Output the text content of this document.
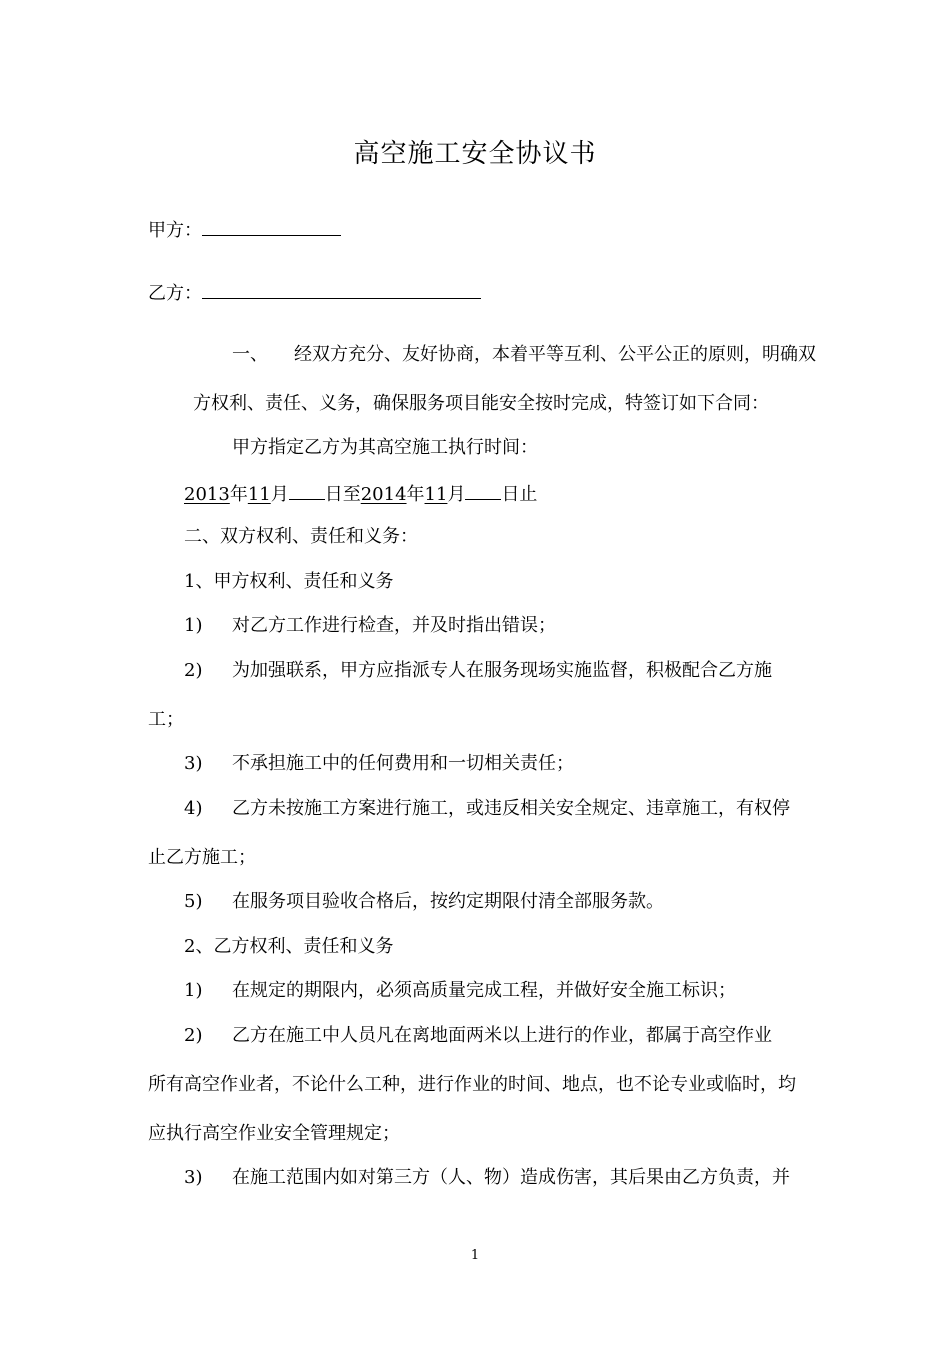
高空施工安全协议书
甲方：
乙方：
一、 经双方充分、友好协商，本着平等互利、公平公正的原则，明确双
方权利、责任、义务，确保服务项目能安全按时完成，特签订如下合同：
甲方指定乙方为其高空施工执行时间：
2013年11月 日至2014年11月 日止
二、双方权利、责任和义务：
1、甲方权利、责任和义务
1) 对乙方工作进行检查，并及时指出错误；
2) 为加强联系，甲方应指派专人在服务现场实施监督，积极配合乙方施
工；
3) 不承担施工中的任何费用和一切相关责任；
4) 乙方未按施工方案进行施工，或违反相关安全规定、违章施工，有权停
止乙方施工；
5) 在服务项目验收合格后，按约定期限付清全部服务款。
2、乙方权利、责任和义务
1) 在规定的期限内，必须高质量完成工程，并做好安全施工标识；
2) 乙方在施工中人员凡在离地面两米以上进行的作业，都属于高空作业
所有高空作业者，不论什么工种，进行作业的时间、地点，也不论专业或临时，均
应执行高空作业安全管理规定；
3) 在施工范围内如对第三方（人、物）造成伤害，其后果由乙方负责，并
1
